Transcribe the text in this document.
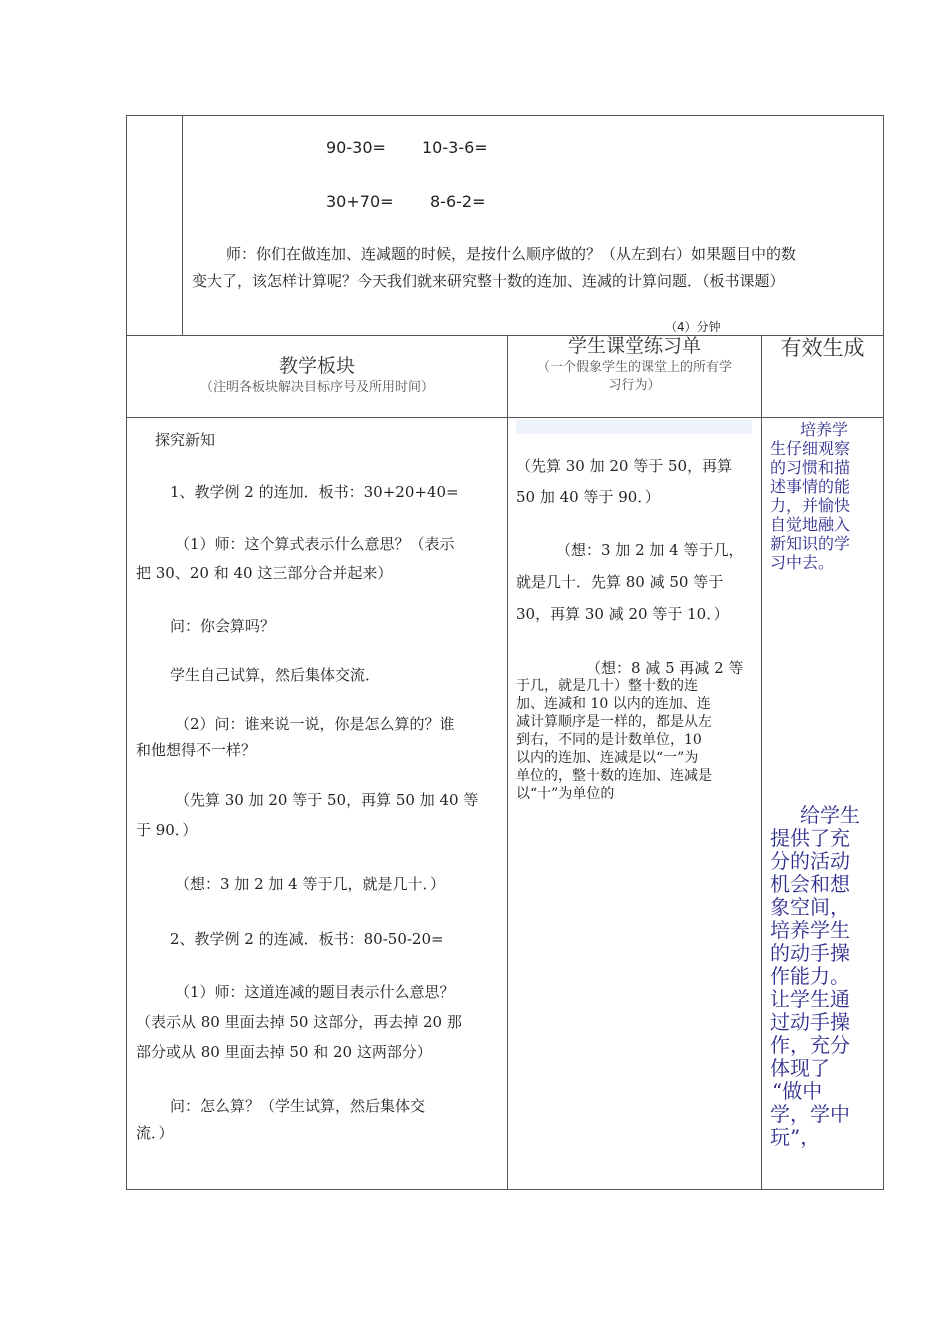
90-30= 10-3-6=
30+70= 8-6-2=
师：你们在做连加、连减题的时候，是按什么顺序做的？（从左到右）如果题目中的数
变大了，该怎样计算呢？今天我们就来研究整十数的连加、连减的计算问题．（板书课题）
（4）分钟
教学板块
（注明各板块解决目标序号及所用时间）
学生课堂练习单
（一个假象学生的课堂上的所有学
习行为）
有效生成
探究新知
1、教学例 2 的连加．板书：30+20+40=
（1）师：这个算式表示什么意思？（表示
把 30、20 和 40 这三部分合并起来）
问：你会算吗？
学生自己试算，然后集体交流．
（2）问：谁来说一说，你是怎么算的？谁
和他想得不一样？
（先算 30 加 20 等于 50，再算 50 加 40 等
于 90．）
（想：3 加 2 加 4 等于几，就是几十．）
2、教学例 2 的连减．板书：80-50-20=
（1）师：这道连减的题目表示什么意思？
（表示从 80 里面去掉 50 这部分，再去掉 20 那
部分或从 80 里面去掉 50 和 20 这两部分）
问：怎么算？（学生试算，然后集体交
流．）
（先算 30 加 20 等于 50，再算
50 加 40 等于 90．）
（想：3 加 2 加 4 等于几，
就是几十．先算 80 减 50 等于
30，再算 30 减 20 等于 10．）
（想：8 减 5 再减 2 等
于几，就是几十）整十数的连
加、连减和 10 以内的连加、连
减计算顺序是一样的，都是从左
到右，不同的是计数单位，10
以内的连加、连减是以“一”为
单位的，整十数的连加、连减是
以“十”为单位的
培养学
生仔细观察
的习惯和描
述事情的能
力，并愉快
自觉地融入
新知识的学
习中去。
给学生
提供了充
分的活动
机会和想
象空间，
培养学生
的动手操
作能力。
让学生通
过动手操
作，充分
体现了
“做中
学，学中
玩”，
